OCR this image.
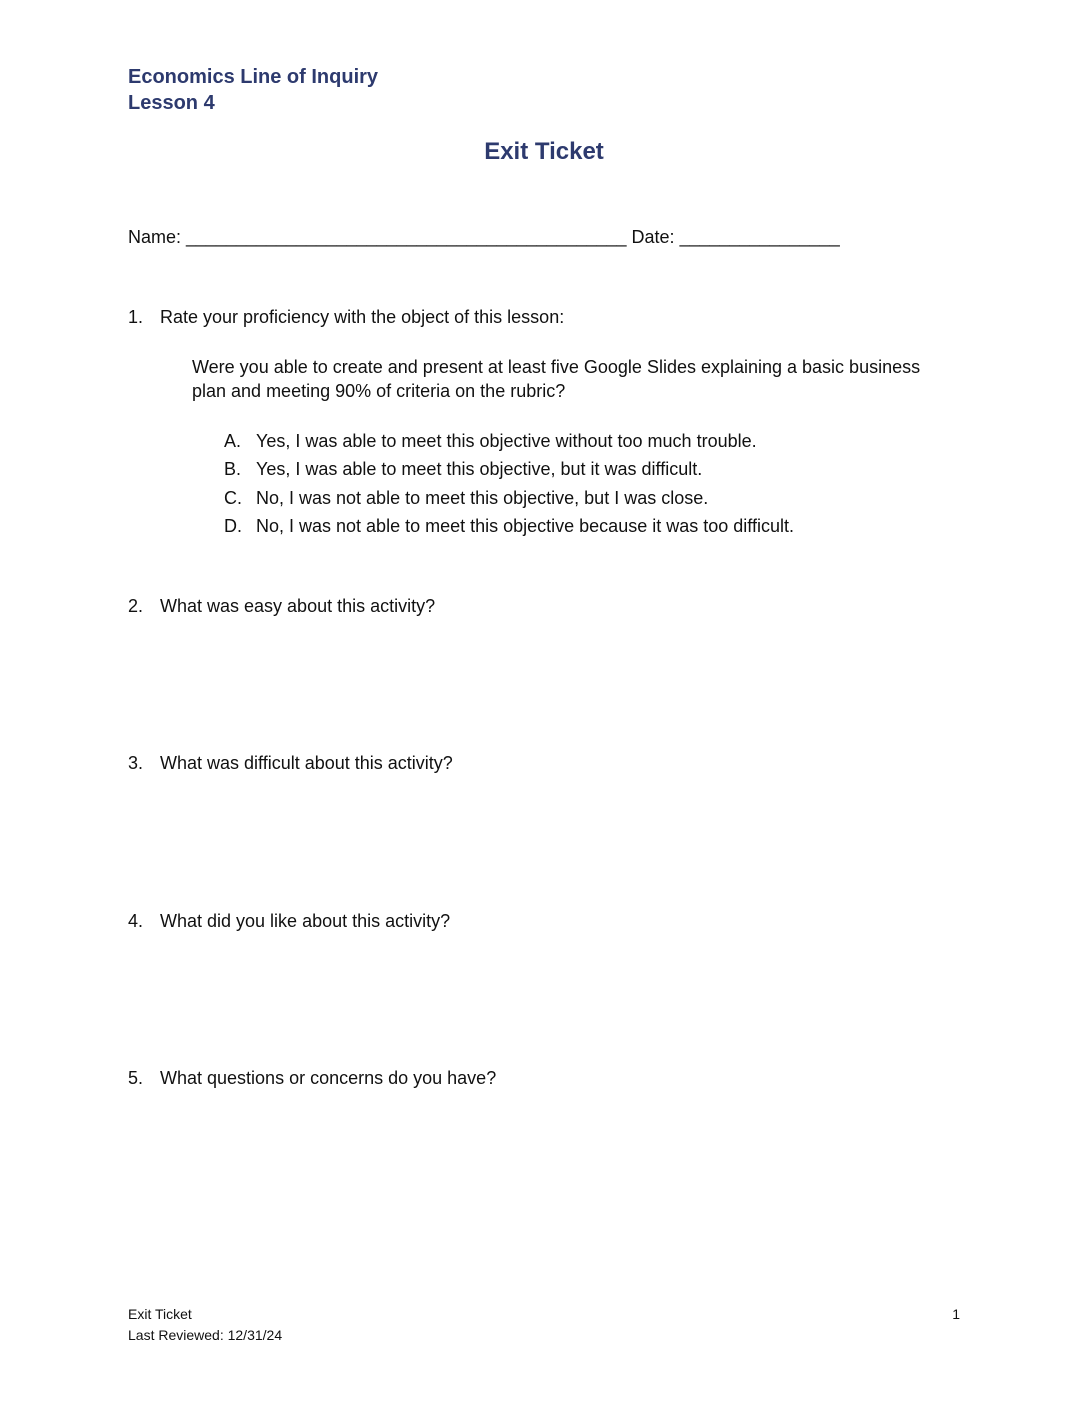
Economics Line of Inquiry
Lesson 4
Exit Ticket
Name: ____________________________________________ Date: ________________
1. Rate your proficiency with the object of this lesson:
Were you able to create and present at least five Google Slides explaining a basic business plan and meeting 90% of criteria on the rubric?
A. Yes, I was able to meet this objective without too much trouble.
B. Yes, I was able to meet this objective, but it was difficult.
C. No, I was not able to meet this objective, but I was close.
D. No, I was not able to meet this objective because it was too difficult.
2. What was easy about this activity?
3. What was difficult about this activity?
4. What did you like about this activity?
5. What questions or concerns do you have?
Exit Ticket
Last Reviewed: 12/31/24
1
